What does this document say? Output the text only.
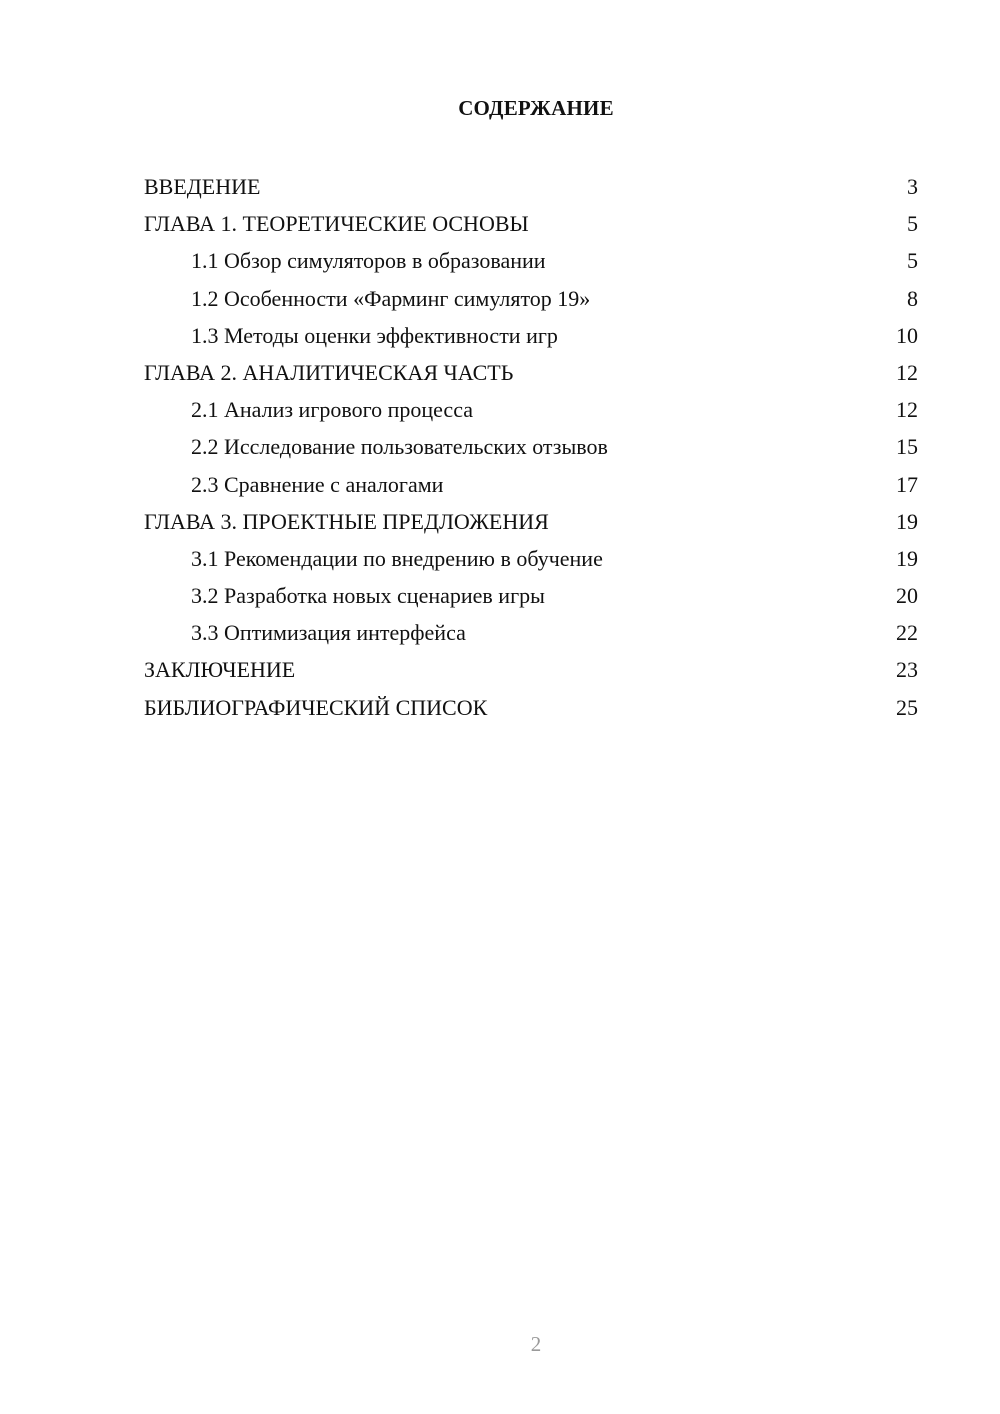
СОДЕРЖАНИЕ
ВВЕДЕНИЕ	3
ГЛАВА 1. ТЕОРЕТИЧЕСКИЕ ОСНОВЫ	5
1.1 Обзор симуляторов в образовании	5
1.2 Особенности «Фарминг симулятор 19»	8
1.3 Методы оценки эффективности игр	10
ГЛАВА 2. АНАЛИТИЧЕСКАЯ ЧАСТЬ	12
2.1 Анализ игрового процесса	12
2.2 Исследование пользовательских отзывов	15
2.3 Сравнение с аналогами	17
ГЛАВА 3. ПРОЕКТНЫЕ ПРЕДЛОЖЕНИЯ	19
3.1 Рекомендации по внедрению в обучение	19
3.2 Разработка новых сценариев игры	20
3.3 Оптимизация интерфейса	22
ЗАКЛЮЧЕНИЕ	23
БИБЛИОГРАФИЧЕСКИЙ СПИСОК	25
2
